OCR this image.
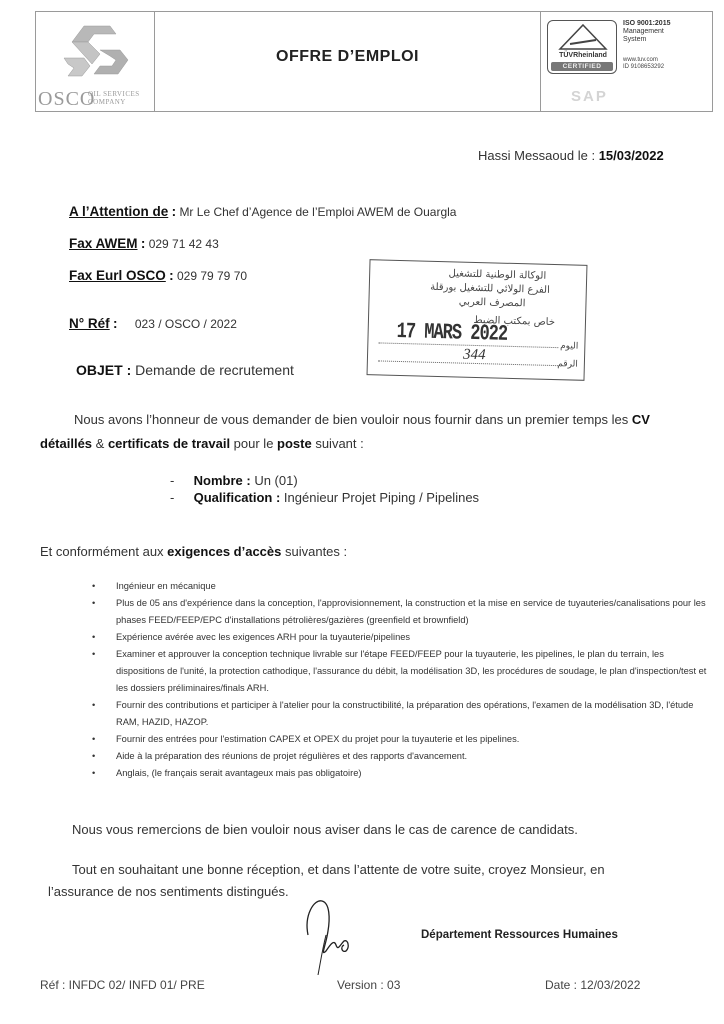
OSCO
OIL SERVICES
COMPANY
OFFRE D’EMPLOI	TÜVRheinland
CERTIFIED
ISO 9001:2015
Management
System
www.tuv.com
ID 9108653292
SAP
Hassi Messaoud le : 15/03/2022
A l’Attention de : Mr Le Chef d’Agence de l’Emploi AWEM de Ouargla
Fax AWEM : 029 71 42 43
Fax Eurl OSCO : 029 79 79 70
N° Réf : 023 / OSCO / 2022
OBJET : Demande de recrutement
الوكالة الوطنية للتشغيل
الفرع الولائي للتشغيل بورقلة
المصرف العربي
خاص بمكتب الضبط
17 MARS 2022
344
اليوم
الرقم
Nous avons l’honneur de vous demander de bien vouloir nous fournir dans un premier temps les CV
détaillés & certificats de travail pour le poste suivant :
- Nombre : Un (01)
- Qualification : Ingénieur Projet Piping / Pipelines
Et conformément aux exigences d’accès suivantes :
• Ingénieur en mécanique
• Plus de 05 ans d'expérience dans la conception, l'approvisionnement, la construction et la mise en service de tuyauteries/canalisations pour les phases FEED/FEEP/EPC d'installations pétrolières/gazières (greenfield et brownfield)
• Expérience avérée avec les exigences ARH pour la tuyauterie/pipelines
• Examiner et approuver la conception technique livrable sur l'étape FEED/FEEP pour la tuyauterie, les pipelines, le plan du terrain, les dispositions de l'unité, la protection cathodique, l'assurance du débit, la modélisation 3D, les procédures de soudage, le plan d'inspection/test et les dossiers préliminaires/finals ARH.
• Fournir des contributions et participer à l'atelier pour la constructibilité, la préparation des opérations, l'examen de la modélisation 3D, l'étude RAM, HAZID, HAZOP.
• Fournir des entrées pour l'estimation CAPEX et OPEX du projet pour la tuyauterie et les pipelines.
• Aide à la préparation des réunions de projet régulières et des rapports d'avancement.
• Anglais, (le français serait avantageux mais pas obligatoire)
Nous vous remercions de bien vouloir nous aviser dans le cas de carence de candidats.
Tout en souhaitant une bonne réception, et dans l’attente de votre suite, croyez Monsieur, en
l’assurance de nos sentiments distingués.
Département Ressources Humaines
Réf : INFDC 02/ INFD 01/ PRE	Version : 03	Date : 12/03/2022
